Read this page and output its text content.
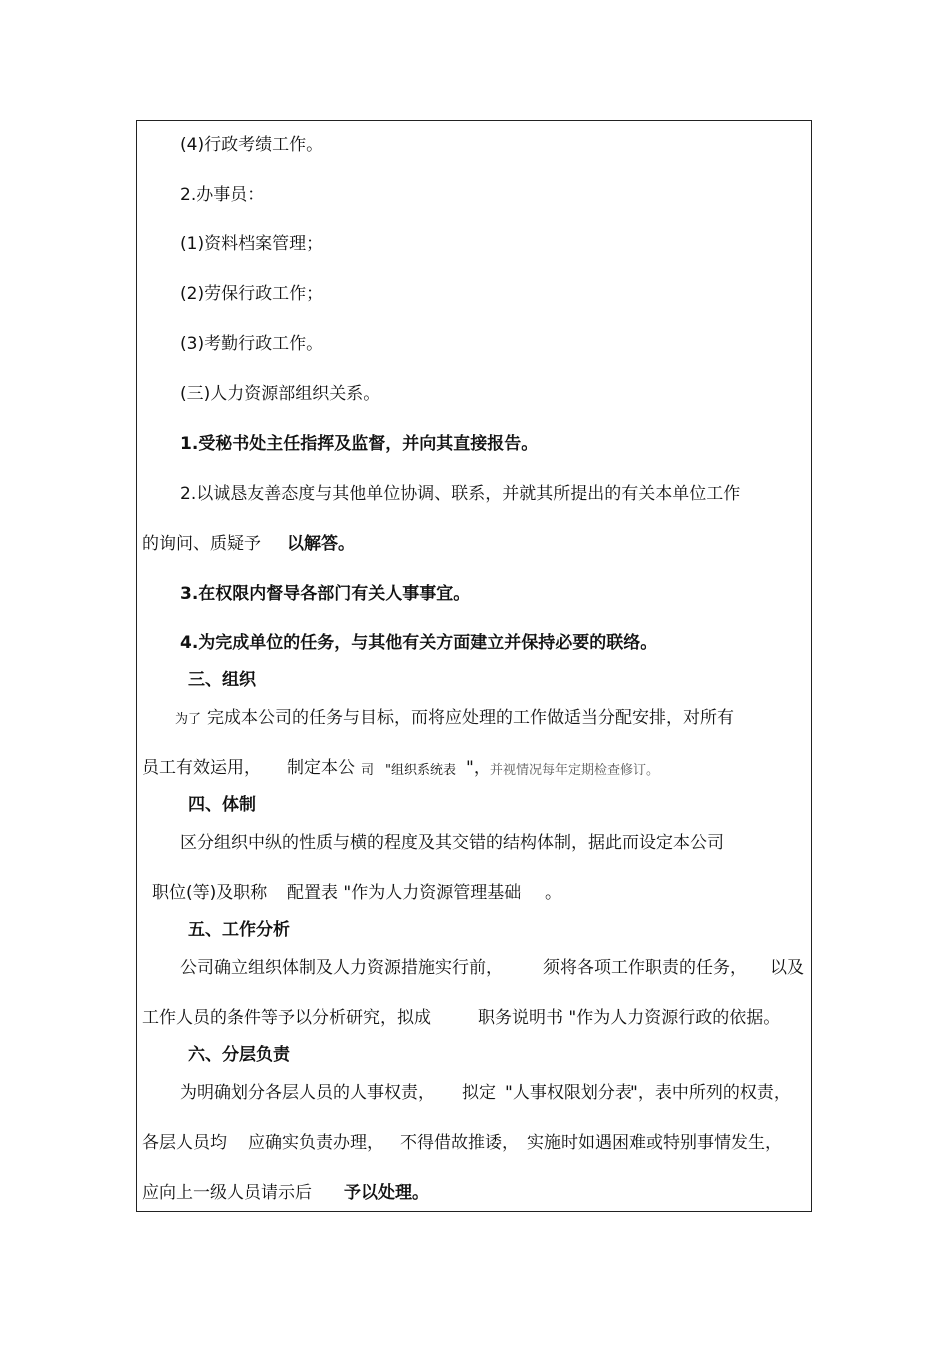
(4)行政考绩工作。
2.办事员：
(1)资料档案管理；
(2)劳保行政工作；
(3)考勤行政工作。
(三)人力资源部组织关系。
1.受秘书处主任指挥及监督，并向其直接报告。
2.以诚恳友善态度与其他单位协调、联系，并就其所提出的有关本单位工作
的询问、质疑予 以解答。
3.在权限内督导各部门有关人事事宜。
4.为完成单位的任务，与其他有关方面建立并保持必要的联络。
三、组织
为了 完成本公司的任务与目标，而将应处理的工作做适当分配安排，对所有
员工有效运用， 制定本公 司 "组织系统表 "， 并视情况每年定期检查修订。
四、体制
区分组织中纵的性质与横的程度及其交错的结构体制，据此而设定本公司
职位(等)及职称 配置表 "作为人力资源管理基础 。
五、工作分析
公司确立组织体制及人力资源措施实行前， 须将各项工作职责的任务， 以及
工作人员的条件等予以分析研究，拟成	职务说明书 "作为人力资源行政的依据。
六、分层负责
为明确划分各层人员的人事权责， 拟定 "人事权限划分表
"，表中所列的权责，
各层人员均 应确实负责办理， 不得借故推诿， 实施时如遇困难或特别事情发生，
应向上一级人员请示后 予以处理。
